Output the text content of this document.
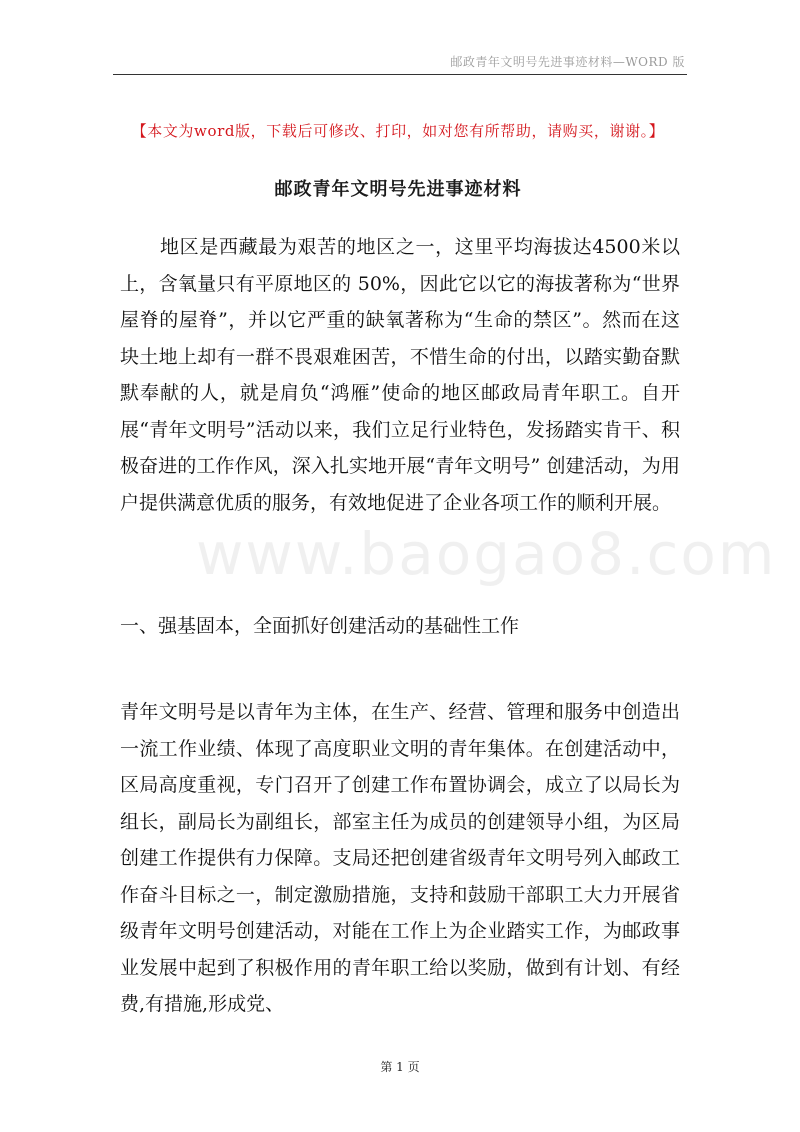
邮政青年文明号先进事迹材料—WORD 版
【本文为word版，下载后可修改、打印，如对您有所帮助，请购买，谢谢。】
邮政青年文明号先进事迹材料
地区是西藏最为艰苦的地区之一，这里平均海拔达4500米以上，含氧量只有平原地区的 50%，因此它以它的海拔著称为“世界屋脊的屋脊”，并以它严重的缺氧著称为“生命的禁区”。然而在这块土地上却有一群不畏艰难困苦，不惜生命的付出，以踏实勤奋默默奉献的人，就是肩负“鸿雁”使命的地区邮政局青年职工。自开展“青年文明号”活动以来，我们立足行业特色，发扬踏实肯干、积极奋进的工作作风，深入扎实地开展“青年文明号” 创建活动，为用户提供满意优质的服务，有效地促进了企业各项工作的顺利开展。
www.baogao8.com
一、强基固本，全面抓好创建活动的基础性工作
青年文明号是以青年为主体，在生产、经营、管理和服务中创造出一流工作业绩、体现了高度职业文明的青年集体。在创建活动中，区局高度重视，专门召开了创建工作布置协调会，成立了以局长为组长，副局长为副组长，部室主任为成员的创建领导小组，为区局创建工作提供有力保障。支局还把创建省级青年文明号列入邮政工作奋斗目标之一，制定激励措施，支持和鼓励干部职工大力开展省级青年文明号创建活动，对能在工作上为企业踏实工作，为邮政事业发展中起到了积极作用的青年职工给以奖励，做到有计划、有经费,有措施,形成党、
第 1 页
